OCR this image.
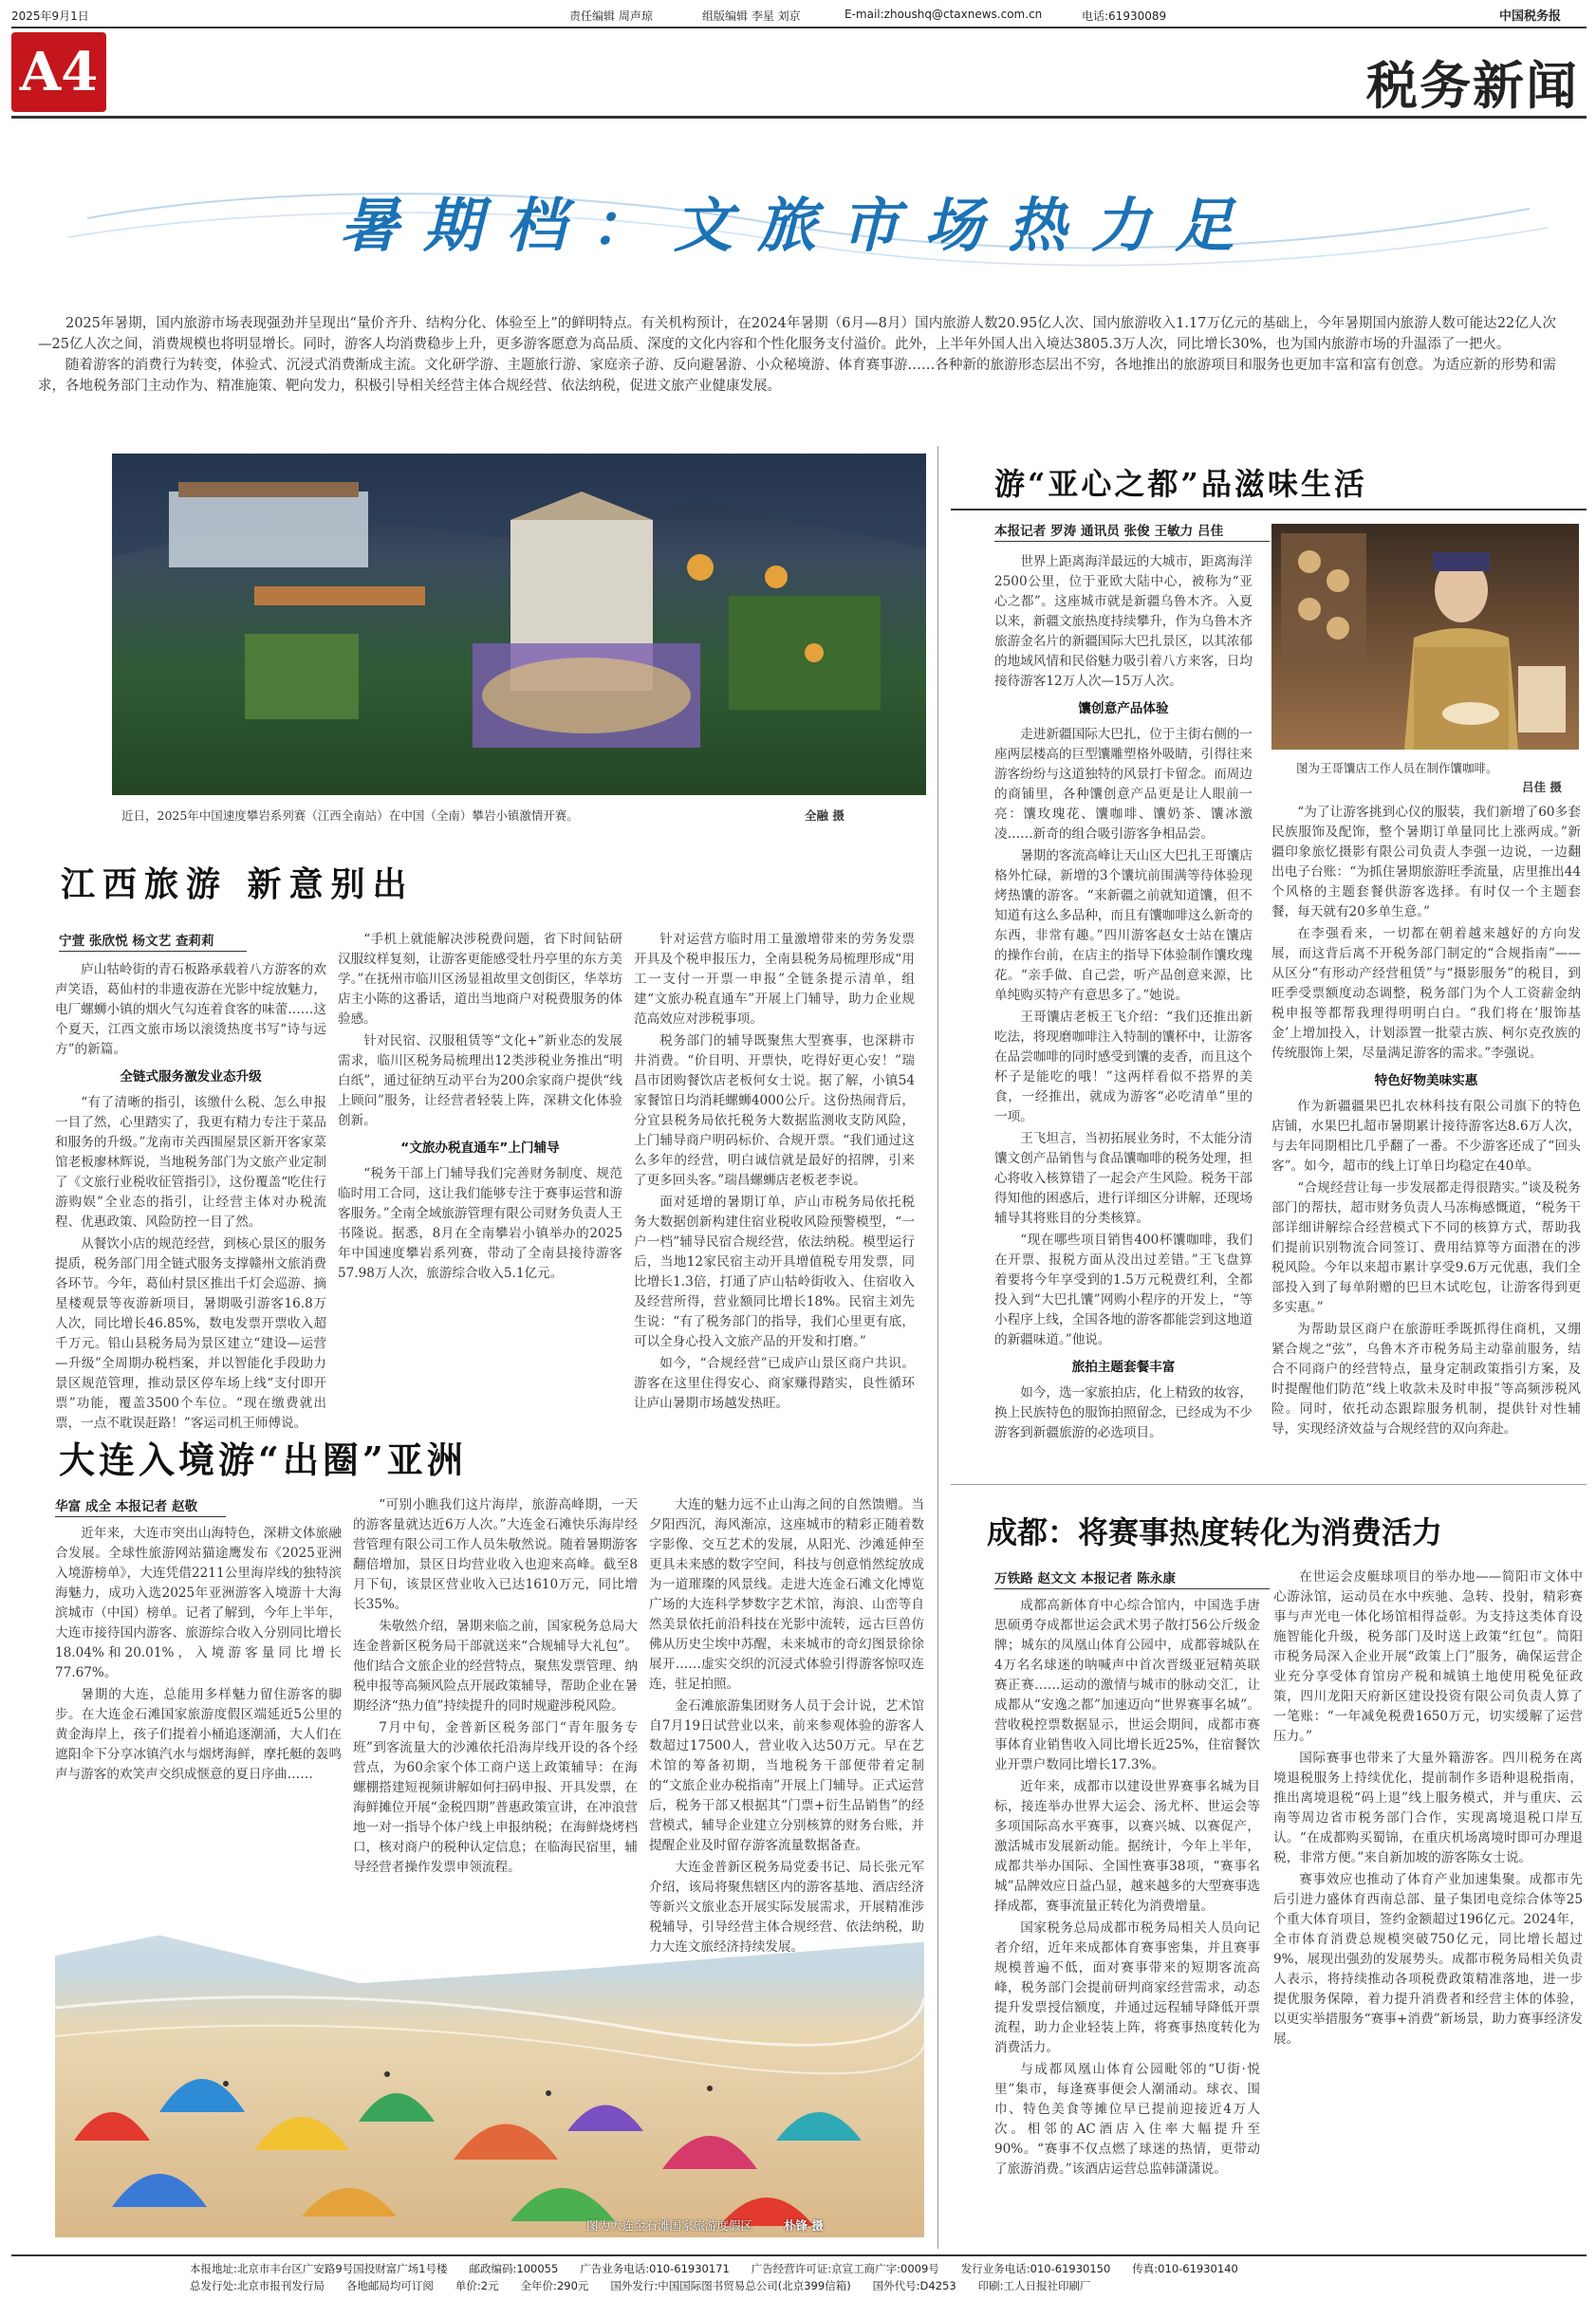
2025年9月1日	责任编辑 周声琼	组版编辑 李星 刘京	E-mail:zhoushq@ctaxnews.com.cn	电话:61930089	中国税务报
A4	税务新闻
暑期档：文旅市场热力足

2025年暑期，国内旅游市场表现强劲并呈现出“量价齐升、结构分化、体验至上”的鲜明特点。有关机构预计，在2024年暑期（6月—8月）国内旅游人数20.95亿人次、国内旅游收入1.17万亿元的基础上，今年暑期国内旅游人数可能达22亿人次—25亿人次之间，消费规模也将明显增长。同时，游客人均消费稳步上升，更多游客愿意为高品质、深度的文化内容和个性化服务支付溢价。此外，上半年外国人出入境达3805.3万人次，同比增长30%，也为国内旅游市场的升温添了一把火。

随着游客的消费行为转变，体验式、沉浸式消费渐成主流。文化研学游、主题旅行游、家庭亲子游、反向避暑游、小众秘境游、体育赛事游……各种新的旅游形态层出不穷，各地推出的旅游项目和服务也更加丰富和富有创意。为适应新的形势和需求，各地税务部门主动作为、精准施策、靶向发力，积极引导相关经营主体合规经营、依法纳税，促进文旅产业健康发展。

近日，2025年中国速度攀岩系列赛（江西全南站）在中国（全南）攀岩小镇激情开赛。	全融 摄
江西旅游 新意别出
宁萱 张欣悦 杨文艺 查莉莉

庐山牯岭街的青石板路承载着八方游客的欢声笑语，葛仙村的非遗夜游在光影中绽放魅力，电厂螺蛳小镇的烟火气勾连着食客的味蕾……这个夏天，江西文旅市场以滚烫热度书写“诗与远方”的新篇。

全链式服务激发业态升级

“有了清晰的指引，该缴什么税、怎么申报一目了然，心里踏实了，我更有精力专注于菜品和服务的升级。”龙南市关西围屋景区新开客家菜馆老板廖林辉说，当地税务部门为文旅产业定制了《文旅行业税收征管指引》，这份覆盖“吃住行游购娱”全业态的指引，让经营主体对办税流程、优惠政策、风险防控一目了然。

从餐饮小店的规范经营，到核心景区的服务提质，税务部门用全链式服务支撑赣州文旅消费各环节。今年，葛仙村景区推出千灯会巡游、摘星楼观景等夜游新项目，暑期吸引游客16.8万人次，同比增长46.85%，数电发票开票收入超千万元。铅山县税务局为景区建立“建设—运营—升级”全周期办税档案，并以智能化手段助力景区规范管理，推动景区停车场上线“支付即开票”功能，覆盖3500个车位。“现在缴费就出票，一点不耽误赶路！”客运司机王师傅说。

“手机上就能解决涉税费问题，省下时间钻研汉服纹样复刻，让游客更能感受牡丹亭里的东方美学。”在抚州市临川区汤显祖故里文创街区，华萃坊店主小陈的这番话，道出当地商户对税费服务的体验感。

针对民宿、汉服租赁等“文化+”新业态的发展需求，临川区税务局梳理出12类涉税业务推出“明白纸”，通过征纳互动平台为200余家商户提供“线上顾问”服务，让经营者轻装上阵，深耕文化体验创新。

“文旅办税直通车”上门辅导

“税务干部上门辅导我们完善财务制度、规范临时用工合同，这让我们能够专注于赛事运营和游客服务。”全南全域旅游管理有限公司财务负责人王书隆说。据悉，8月在全南攀岩小镇举办的2025年中国速度攀岩系列赛，带动了全南县接待游客57.98万人次，旅游综合收入5.1亿元。

针对运营方临时用工量激增带来的劳务发票开具及个税申报压力，全南县税务局梳理形成“用工一支付一开票一申报”全链条提示清单，组建“文旅办税直通车”开展上门辅导，助力企业规范高效应对涉税事项。

税务部门的辅导既聚焦大型赛事，也深耕市井消费。“价目明、开票快，吃得好更心安！”瑞昌市团购餐饮店老板何女士说。据了解，小镇54家餐馆日均消耗螺蛳4000公斤。这份热闹背后，分宜县税务局依托税务大数据监测收支防风险，上门辅导商户明码标价、合规开票。“我们通过这么多年的经营，明白诚信就是最好的招牌，引来了更多回头客。”瑞昌螺蛳店老板老李说。

面对延增的暑期订单，庐山市税务局依托税务大数据创新构建住宿业税收风险预警模型，“一户一档”辅导民宿合规经营，依法纳税。模型运行后，当地12家民宿主动开具增值税专用发票，同比增长1.3倍，打通了庐山牯岭街收入、住宿收入及经营所得，营业额同比增长18%。民宿主刘先生说：“有了税务部门的指导，我们心里更有底，可以全身心投入文旅产品的开发和打磨。”

如今，“合规经营”已成庐山景区商户共识。游客在这里住得安心、商家赚得踏实，良性循环让庐山暑期市场越发热旺。

大连入境游“出圈”亚洲
华富 成全 本报记者 赵敬

近年来，大连市突出山海特色，深耕文体旅融合发展。全球性旅游网站猫途鹰发布《2025亚洲入境游榜单》，大连凭借2211公里海岸线的独特滨海魅力，成功入选2025年亚洲游客入境游十大海滨城市（中国）榜单。记者了解到，今年上半年，大连市接待国内游客、旅游综合收入分别同比增长18.04%和20.01%，入境游客量同比增长77.67%。

暑期的大连，总能用多样魅力留住游客的脚步。在大连金石滩国家旅游度假区端延近5公里的黄金海岸上，孩子们提着小桶追逐潮涌，大人们在遮阳伞下分享冰镇汽水与烟烤海鲜，摩托艇的轰鸣声与游客的欢笑声交织成惬意的夏日序曲……

“可别小瞧我们这片海岸，旅游高峰期，一天的游客量就达近6万人次。”大连金石滩快乐海岸经营管理有限公司工作人员朱敬然说。随着暑期游客翻倍增加，景区日均营业收入也迎来高峰。截至8月下旬，该景区营业收入已达1610万元，同比增长35%。

朱敬然介绍，暑期来临之前，国家税务总局大连金普新区税务局干部就送来“合规辅导大礼包”。他们结合文旅企业的经营特点，聚焦发票管理、纳税申报等高频风险点开展政策辅导，帮助企业在暑期经济“热力值”持续提升的同时规避涉税风险。

7月中旬，金普新区税务部门“青年服务专班”到客流量大的沙滩依托沿海岸线开设的各个经营点，为60余家个体工商户送上政策辅导：在海螺棚搭建短视频讲解如何扫码申报、开具发票，在海鲜摊位开展“金税四期”普惠政策宣讲，在冲浪营地一对一指导个体户线上申报纳税；在海鲜烧烤档口，核对商户的税种认定信息；在临海民宿里，辅导经营者操作发票申领流程。

大连的魅力远不止山海之间的自然馈赠。当夕阳西沉，海风渐凉，这座城市的精彩正随着数字影像、交互艺术的发展，从阳光、沙滩延伸至更具未来感的数字空间，科技与创意悄然绽放成为一道璀璨的风景线。走进大连金石滩文化博览广场的大连科学梦数字艺术馆，海浪、山峦等自然美景依托前沿科技在光影中流转，远古巨兽仿佛从历史尘埃中苏醒，未来城市的奇幻图景徐徐展开……虚实交织的沉浸式体验引得游客惊叹连连，驻足拍照。

金石滩旅游集团财务人员于会计说，艺术馆自7月19日试营业以来，前来参观体验的游客人数超过17500人，营业收入达50万元。早在艺术馆的筹备初期，当地税务干部便带着定制的“文旅企业办税指南”开展上门辅导。正式运营后，税务干部又根据其“门票+衍生品销售”的经营模式，辅导企业建立分别核算的财务台账，并提醒企业及时留存游客流量数据备查。

大连金普新区税务局党委书记、局长张元军介绍，该局将聚焦辖区内的游客基地、酒店经济等新兴文旅业态开展实际发展需求，开展精准涉税辅导，引导经营主体合规经营、依法纳税，助力大连文旅经济持续发展。

图为大连金石滩国家旅游度假区	朴锋 摄
游“亚心之都”品滋味生活
本报记者 罗涛 通讯员 张俊 王敏力 吕佳
图为王哥馕店工作人员在制作馕咖啡。
吕佳 摄

世界上距离海洋最远的大城市，距离海洋2500公里，位于亚欧大陆中心，被称为“亚心之都”。这座城市就是新疆乌鲁木齐。入夏以来，新疆文旅热度持续攀升，作为乌鲁木齐旅游金名片的新疆国际大巴扎景区，以其浓郁的地域风情和民俗魅力吸引着八方来客，日均接待游客12万人次—15万人次。

馕创意产品体验

走进新疆国际大巴扎，位于主街右侧的一座两层楼高的巨型馕雕塑格外吸睛，引得往来游客纷纷与这道独特的风景打卡留念。而周边的商铺里，各种馕创意产品更是让人眼前一亮：馕玫瑰花、馕咖啡、馕奶茶、馕冰激凌……新奇的组合吸引游客争相品尝。

暑期的客流高峰让天山区大巴扎王哥馕店格外忙碌，新增的3个馕坑前围满等待体验现烤热馕的游客。“来新疆之前就知道馕，但不知道有这么多品种，而且有馕咖啡这么新奇的东西，非常有趣。”四川游客赵女士站在馕店的操作台前，在店主的指导下体验制作馕玫瑰花。“亲手做、自己尝，听产品创意来源，比单纯购买特产有意思多了。”她说。

王哥馕店老板王飞介绍：“我们还推出新吃法，将现磨咖啡注入特制的馕杯中，让游客在品尝咖啡的同时感受到馕的麦香，而且这个杯子是能吃的哦！”这两样看似不搭界的美食，一经推出，就成为游客“必吃清单”里的一项。

王飞坦言，当初拓展业务时，不太能分清馕文创产品销售与食品馕咖啡的税务处理，担心将收入核算错了一起会产生风险。税务干部得知他的困惑后，进行详细区分讲解，还现场辅导其将账目的分类核算。

“现在哪些项目销售400杯馕咖啡，我们在开票、报税方面从没出过差错。”王飞盘算着要将今年享受到的1.5万元税费红利，全都投入到“大巴扎馕”网购小程序的开发上，“等小程序上线，全国各地的游客都能尝到这地道的新疆味道。”他说。

旅拍主题套餐丰富

如今，选一家旅拍店，化上精致的妆容，换上民族特色的服饰拍照留念，已经成为不少游客到新疆旅游的必选项目。

“为了让游客挑到心仪的服装，我们新增了60多套民族服饰及配饰，整个暑期订单量同比上涨两成。”新疆印象旅忆摄影有限公司负责人李强一边说，一边翻出电子台账：“为抓住暑期旅游旺季流量，店里推出44个风格的主题套餐供游客选择。有时仅一个主题套餐，每天就有20多单生意。”

在李强看来，一切都在朝着越来越好的方向发展，而这背后离不开税务部门制定的“合规指南”——从区分“有形动产经营租赁”与“摄影服务”的税目，到旺季受票额度动态调整，税务部门为个人工资薪金纳税申报等都帮我理得明明白白。“我们将在‘服饰基金’上增加投入，计划添置一批蒙古族、柯尔克孜族的传统服饰上架，尽量满足游客的需求。”李强说。

特色好物美味实惠

作为新疆疆果巴扎农林科技有限公司旗下的特色店铺，水果巴扎超市暑期累计接待游客达8.6万人次，与去年同期相比几乎翻了一番。不少游客还成了“回头客”。如今，超市的线上订单日均稳定在40单。

“合规经营让每一步发展都走得很踏实。”谈及税务部门的帮扶，超市财务负责人马冻梅感慨道，“税务干部详细讲解综合经营模式下不同的核算方式，帮助我们提前识别物流合同签订、费用结算等方面潜在的涉税风险。今年以来超市累计享受9.6万元优惠，我们全部投入到了每单附赠的巴旦木试吃包，让游客得到更多实惠。”

为帮助景区商户在旅游旺季既抓得住商机，又绷紧合规之“弦”，乌鲁木齐市税务局主动靠前服务，结合不同商户的经营特点，量身定制政策指引方案，及时提醒他们防范“线上收款未及时申报”等高频涉税风险。同时，依托动态跟踪服务机制，提供针对性辅导，实现经济效益与合规经营的双向奔赴。

成都：将赛事热度转化为消费活力
万铁路 赵文文 本报记者 陈永康

成都高新体育中心综合馆内，中国选手唐思硕勇夺成都世运会武术男子散打56公斤级金牌；城东的凤凰山体育公园中，成都蓉城队在4万名名球迷的呐喊声中首次晋级亚冠精英联赛正赛……运动的激情与城市的脉动交汇，让成都从“安逸之都”加速迈向“世界赛事名城”。营收税控票数据显示，世运会期间，成都市赛事体育业销售收入同比增长近25%，住宿餐饮业开票户数同比增长17.3%。

近年来，成都市以建设世界赛事名城为目标，接连举办世界大运会、汤尤杯、世运会等多项国际高水平赛事，以赛兴城、以赛促产，激活城市发展新动能。据统计，今年上半年，成都共举办国际、全国性赛事38项，“赛事名城”品牌效应日益凸显，越来越多的大型赛事选择成都，赛事流量正转化为消费增量。

国家税务总局成都市税务局相关人员向记者介绍，近年来成都体育赛事密集，并且赛事规模普遍不低，面对赛事带来的短期客流高峰，税务部门会提前研判商家经营需求，动态提升发票授信额度，并通过远程辅导降低开票流程，助力企业轻装上阵，将赛事热度转化为消费活力。

与成都凤凰山体育公园毗邻的“U街·悦里”集市，每逢赛事便会人潮涌动。球衣、围巾、特色美食等摊位早已提前迎接近4万人次。相邻的AC酒店入住率大幅提升至90%。“赛事不仅点燃了球迷的热情，更带动了旅游消费。”该酒店运营总监韩潇潇说。

在世运会皮艇球项目的举办地——简阳市文体中心游泳馆，运动员在水中疾驰、急转、投射，精彩赛事与声光电一体化场馆相得益彰。为支持这类体育设施智能化升级，税务部门及时送上政策“红包”。简阳市税务局深入企业开展“政策上门”服务，确保运营企业充分享受体育馆房产税和城镇土地使用税免征政策，四川龙阳天府新区建设投资有限公司负责人算了一笔账：“一年减免税费1650万元，切实缓解了运营压力。”

国际赛事也带来了大量外籍游客。四川税务在离境退税服务上持续优化，提前制作多语种退税指南，推出离境退税“码上退”线上服务模式，并与重庆、云南等周边省市税务部门合作，实现离境退税口岸互认。“在成都购买蜀锦，在重庆机场离境时即可办理退税，非常方便。”来自新加坡的游客陈女士说。

赛事效应也推动了体育产业加速集聚。成都市先后引进力盛体育西南总部、量子集团电竞综合体等25个重大体育项目，签约金额超过196亿元。2024年，全市体育消费总规模突破750亿元，同比增长超过9%，展现出强劲的发展势头。成都市税务局相关负责人表示，将持续推动各项税费政策精准落地，进一步提优服务保障，着力提升消费者和经营主体的体验，以更实举措服务“赛事+消费”新场景，助力赛事经济发展。

本报地址:北京市丰台区广安路9号国投财富广场1号楼　　邮政编码:100055　　广告业务电话:010-61930171　　广告经营许可证:京宣工商广字:0009号　　发行业务电话:010-61930150　　传真:010-61930140
总发行处:北京市报刊发行局　　各地邮局均可订阅　　单价:2元　　全年价:290元　　国外发行:中国国际图书贸易总公司(北京399信箱)　　国外代号:D4253　　印刷:工人日报社印刷厂
